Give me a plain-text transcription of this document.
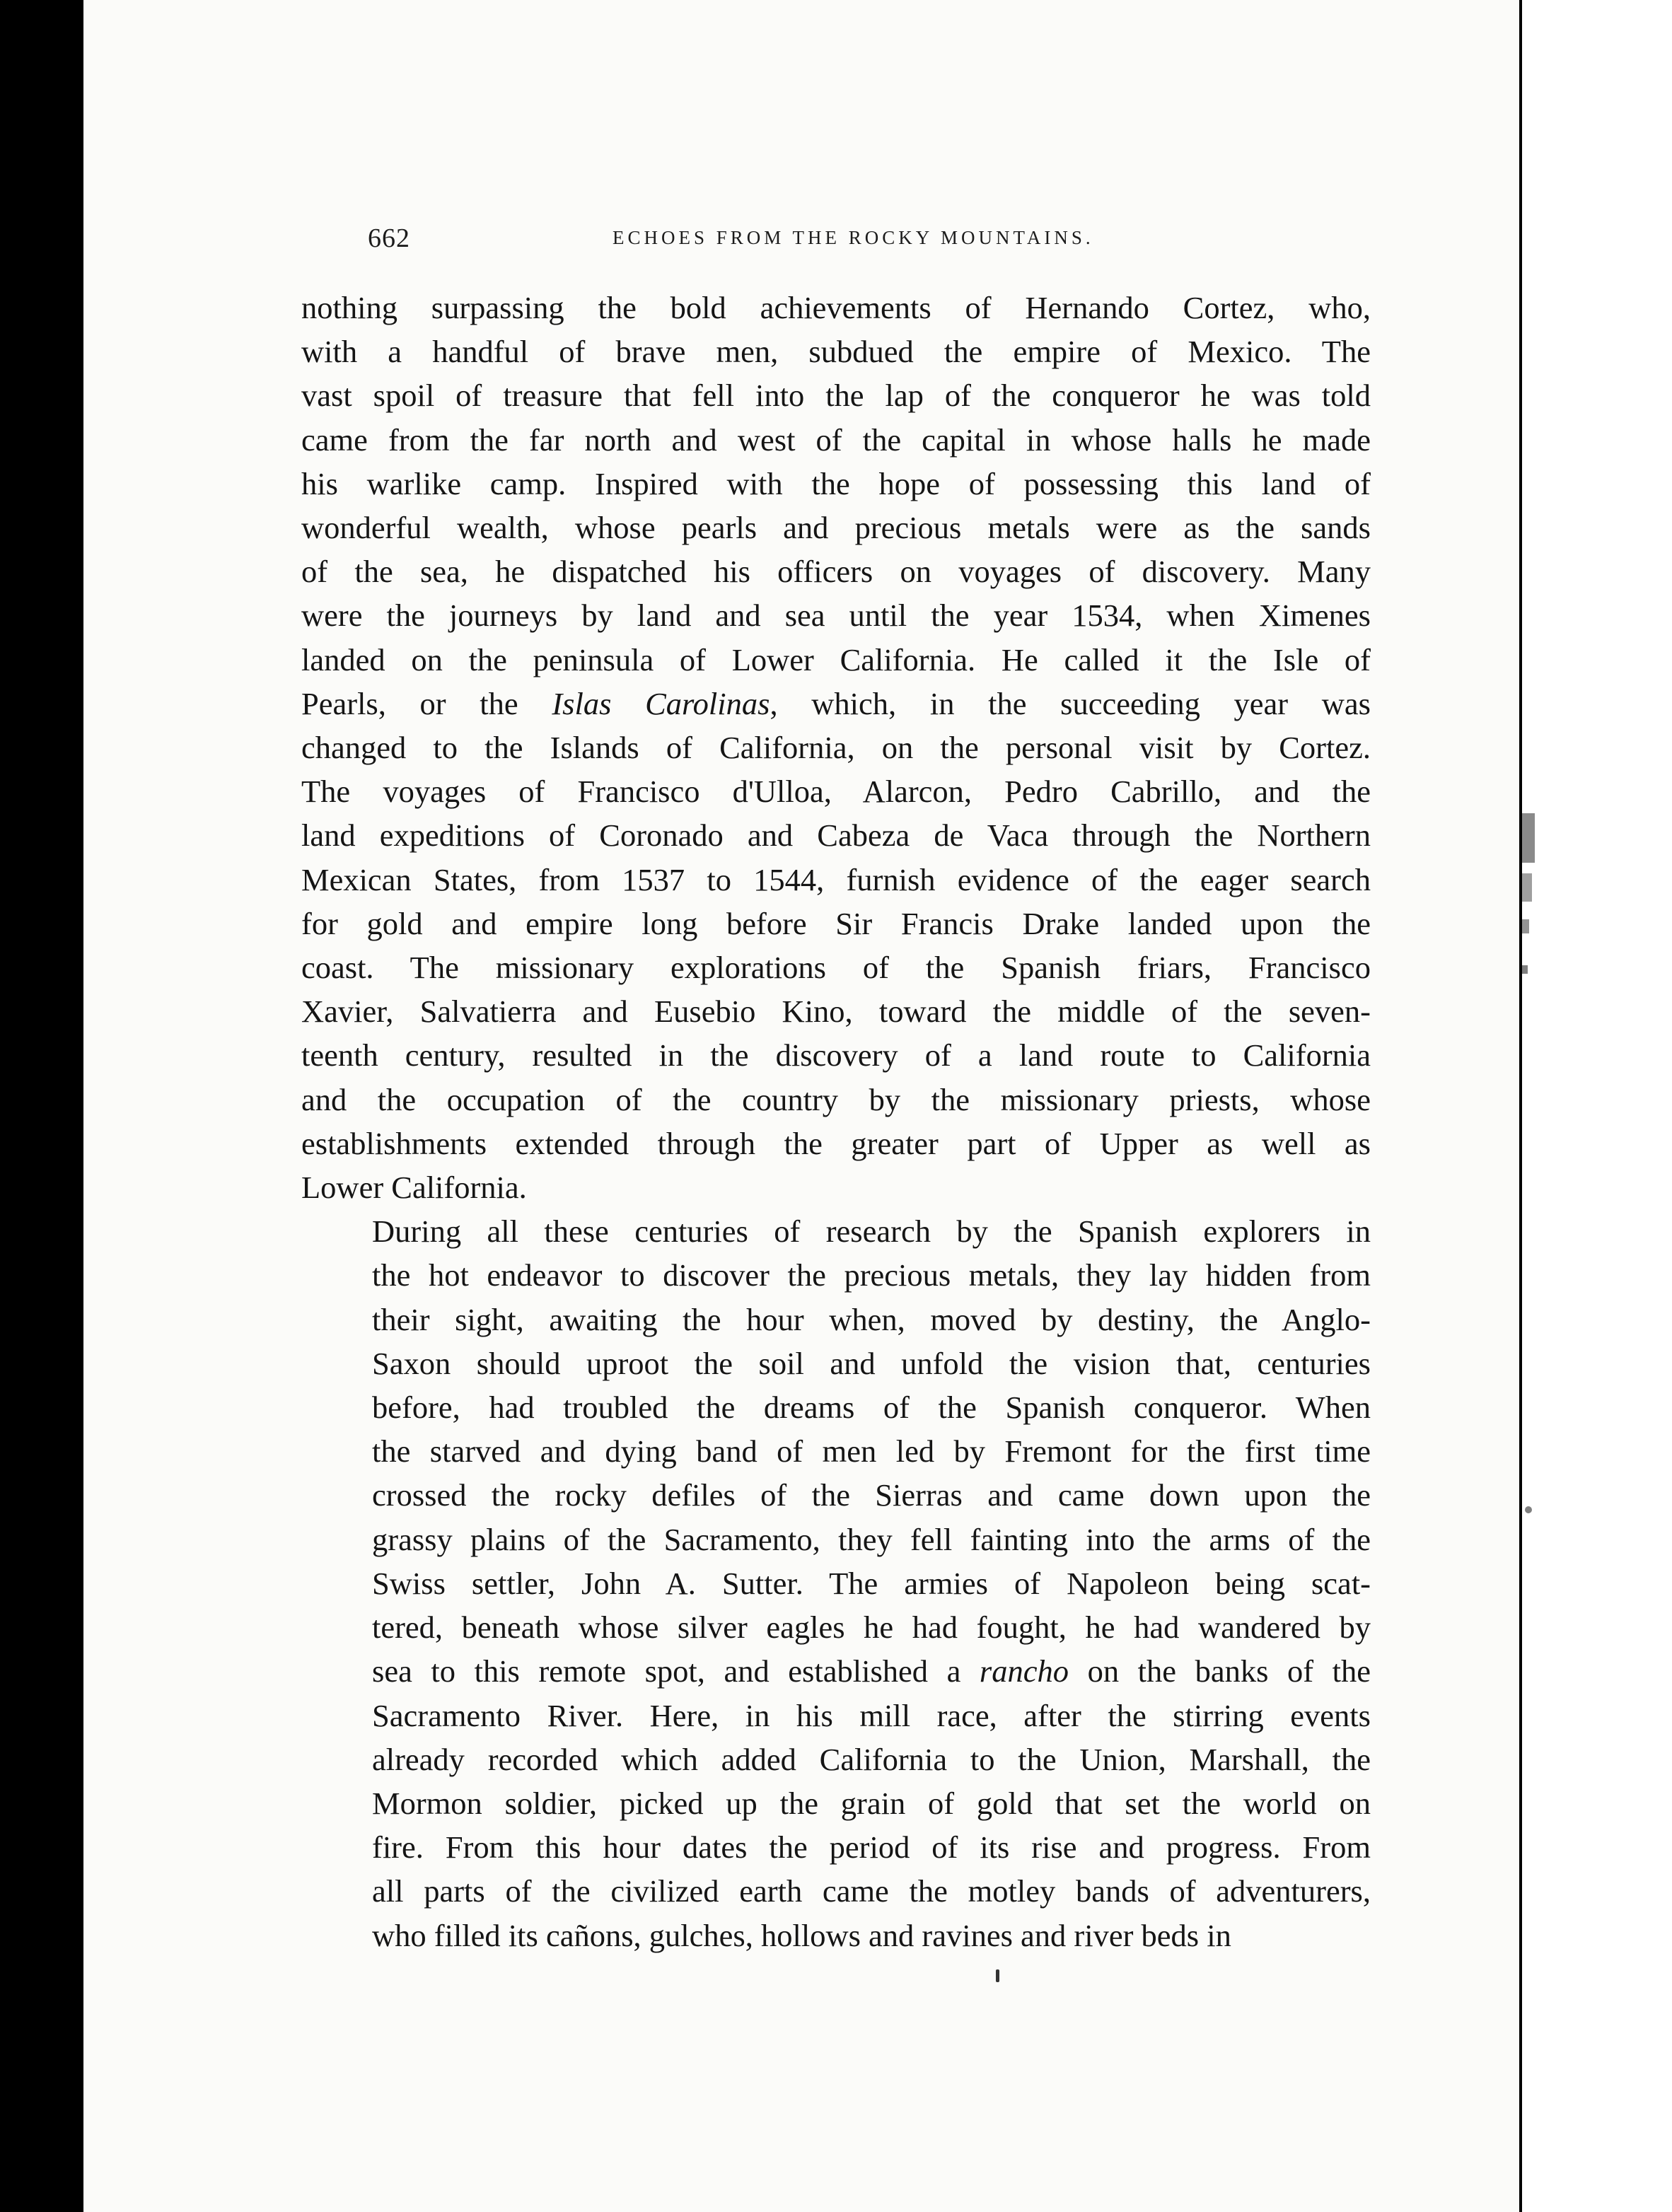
662	ECHOES FROM THE ROCKY MOUNTAINS.

nothing surpassing the bold achievements of Hernando Cortez, who,
with a handful of brave men, subdued the empire of Mexico. The
vast spoil of treasure that fell into the lap of the conqueror he was told
came from the far north and west of the capital in whose halls he made
his warlike camp. Inspired with the hope of possessing this land of
wonderful wealth, whose pearls and precious metals were as the sands
of the sea, he dispatched his officers on voyages of discovery. Many
were the journeys by land and sea until the year 1534, when Ximenes
landed on the peninsula of Lower California. He called it the Isle of
Pearls, or the Islas Carolinas, which, in the succeeding year was
changed to the Islands of California, on the personal visit by Cortez.
The voyages of Francisco d'Ulloa, Alarcon, Pedro Cabrillo, and the
land expeditions of Coronado and Cabeza de Vaca through the Northern
Mexican States, from 1537 to 1544, furnish evidence of the eager search
for gold and empire long before Sir Francis Drake landed upon the
coast. The missionary explorations of the Spanish friars, Francisco
Xavier, Salvatierra and Eusebio Kino, toward the middle of the seven-
teenth century, resulted in the discovery of a land route to California
and the occupation of the country by the missionary priests, whose
establishments extended through the greater part of Upper as well as
Lower California.

During all these centuries of research by the Spanish explorers in
the hot endeavor to discover the precious metals, they lay hidden from
their sight, awaiting the hour when, moved by destiny, the Anglo-
Saxon should uproot the soil and unfold the vision that, centuries
before, had troubled the dreams of the Spanish conqueror. When
the starved and dying band of men led by Fremont for the first time
crossed the rocky defiles of the Sierras and came down upon the
grassy plains of the Sacramento, they fell fainting into the arms of the
Swiss settler, John A. Sutter. The armies of Napoleon being scat-
tered, beneath whose silver eagles he had fought, he had wandered by
sea to this remote spot, and established a rancho on the banks of the
Sacramento River. Here, in his mill race, after the stirring events
already recorded which added California to the Union, Marshall, the
Mormon soldier, picked up the grain of gold that set the world on
fire. From this hour dates the period of its rise and progress. From
all parts of the civilized earth came the motley bands of adventurers,
who filled its cañons, gulches, hollows and ravines and river beds in
